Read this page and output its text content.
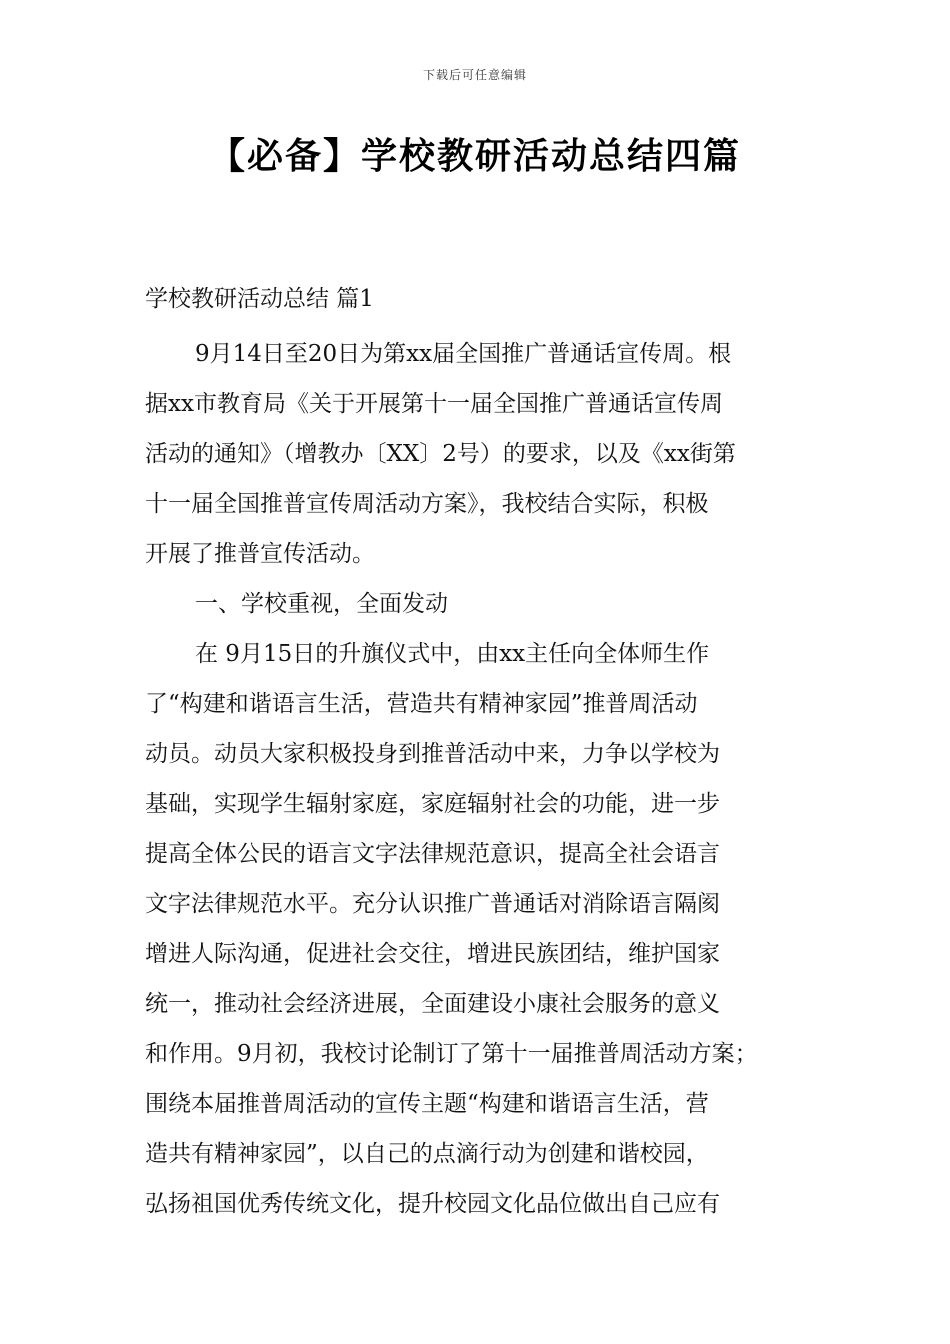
下载后可任意编辑
【必备】学校教研活动总结四篇
学校教研活动总结 篇1
9月14日至20日为第xx届全国推广普通话宣传周。根
据xx市教育局《关于开展第十一届全国推广普通话宣传周
活动的通知》（增教办〔XX〕2号）的要求，以及《xx街第
十一届全国推普宣传周活动方案》，我校结合实际，积极
开展了推普宣传活动。
一、学校重视，全面发动
在 9月15日的升旗仪式中，由xx主任向全体师生作
了“构建和谐语言生活，营造共有精神家园”推普周活动
动员。动员大家积极投身到推普活动中来，力争以学校为
基础，实现学生辐射家庭，家庭辐射社会的功能，进一步
提高全体公民的语言文字法律规范意识，提高全社会语言
文字法律规范水平。充分认识推广普通话对消除语言隔阂
增进人际沟通，促进社会交往，增进民族团结，维护国家
统一，推动社会经济进展，全面建设小康社会服务的意义
和作用。9月初，我校讨论制订了第十一届推普周活动方案；
围绕本届推普周活动的宣传主题“构建和谐语言生活，营
造共有精神家园”，以自己的点滴行动为创建和谐校园，
弘扬祖国优秀传统文化，提升校园文化品位做出自己应有
